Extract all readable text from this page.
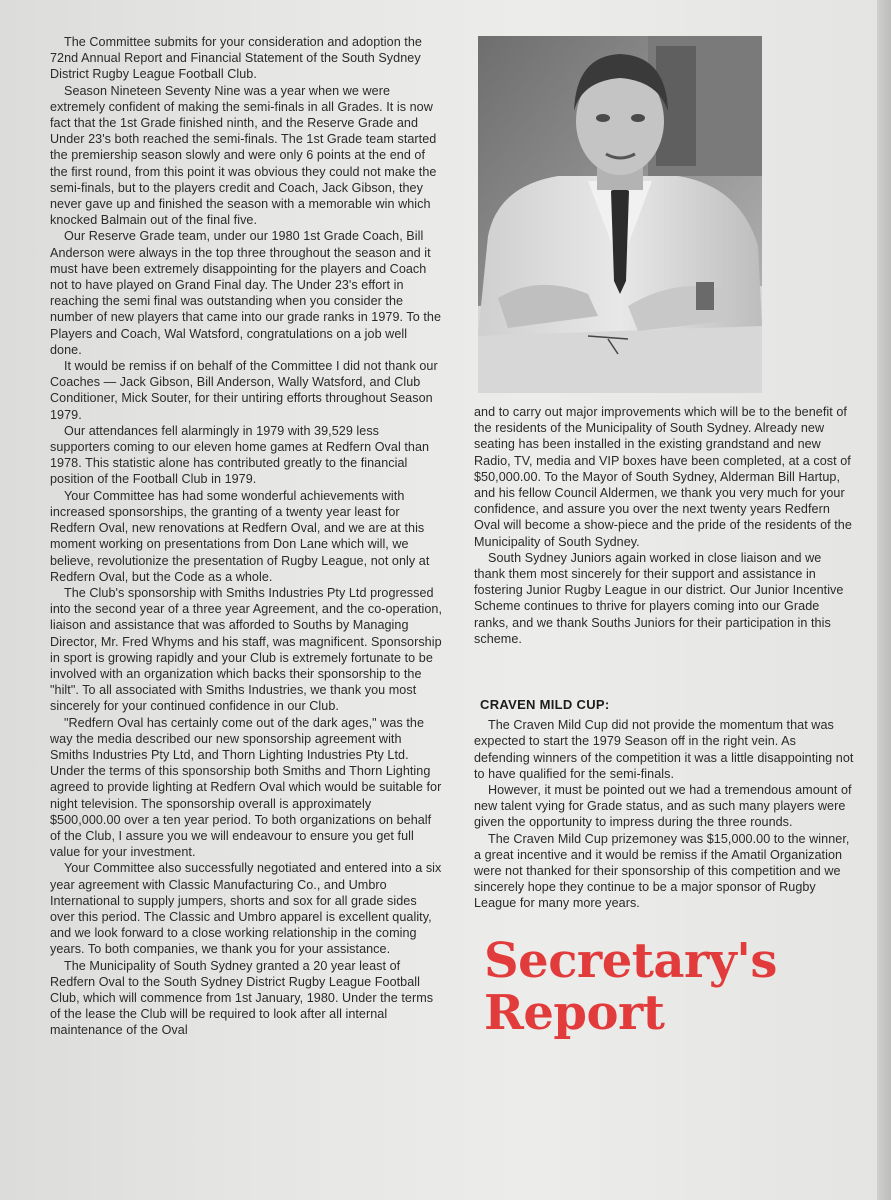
The Committee submits for your consideration and adoption the 72nd Annual Report and Financial Statement of the South Sydney District Rugby League Football Club.

Season Nineteen Seventy Nine was a year when we were extremely confident of making the semi-finals in all Grades. It is now fact that the 1st Grade finished ninth, and the Reserve Grade and Under 23's both reached the semi-finals. The 1st Grade team started the premiership season slowly and were only 6 points at the end of the first round, from this point it was obvious they could not make the semi-finals, but to the players credit and Coach, Jack Gibson, they never gave up and finished the season with a memorable win which knocked Balmain out of the final five.

Our Reserve Grade team, under our 1980 1st Grade Coach, Bill Anderson were always in the top three throughout the season and it must have been extremely disappointing for the players and Coach not to have played on Grand Final day. The Under 23's effort in reaching the semi final was outstanding when you consider the number of new players that came into our grade ranks in 1979. To the Players and Coach, Wal Watsford, congratulations on a job well done.

It would be remiss if on behalf of the Committee I did not thank our Coaches — Jack Gibson, Bill Anderson, Wally Watsford, and Club Conditioner, Mick Souter, for their untiring efforts throughout Season 1979.

Our attendances fell alarmingly in 1979 with 39,529 less supporters coming to our eleven home games at Redfern Oval than 1978. This statistic alone has contributed greatly to the financial position of the Football Club in 1979.

Your Committee has had some wonderful achievements with increased sponsorships, the granting of a twenty year least for Redfern Oval, new renovations at Redfern Oval, and we are at this moment working on presentations from Don Lane which will, we believe, revolutionize the presentation of Rugby League, not only at Redfern Oval, but the Code as a whole.

The Club's sponsorship with Smiths Industries Pty Ltd progressed into the second year of a three year Agreement, and the co-operation, liaison and assistance that was afforded to Souths by Managing Director, Mr. Fred Whyms and his staff, was magnificent. Sponsorship in sport is growing rapidly and your Club is extremely fortunate to be involved with an organization which backs their sponsorship to the "hilt". To all associated with Smiths Industries, we thank you most sincerely for your continued confidence in our Club.

"Redfern Oval has certainly come out of the dark ages," was the way the media described our new sponsorship agreement with Smiths Industries Pty Ltd, and Thorn Lighting Industries Pty Ltd. Under the terms of this sponsorship both Smiths and Thorn Lighting agreed to provide lighting at Redfern Oval which would be suitable for night television. The sponsorship overall is approximately $500,000.00 over a ten year period. To both organizations on behalf of the Club, I assure you we will endeavour to ensure you get full value for your investment.

Your Committee also successfully negotiated and entered into a six year agreement with Classic Manufacturing Co., and Umbro International to supply jumpers, shorts and sox for all grade sides over this period. The Classic and Umbro apparel is excellent quality, and we look forward to a close working relationship in the coming years. To both companies, we thank you for your assistance.

The Municipality of South Sydney granted a 20 year least of Redfern Oval to the South Sydney District Rugby League Football Club, which will commence from 1st January, 1980. Under the terms of the lease the Club will be required to look after all internal maintenance of the Oval

and to carry out major improvements which will be to the benefit of the residents of the Municipality of South Sydney. Already new seating has been installed in the existing grandstand and new Radio, TV, media and VIP boxes have been completed, at a cost of $50,000.00. To the Mayor of South Sydney, Alderman Bill Hartup, and his fellow Council Aldermen, we thank you very much for your confidence, and assure you over the next twenty years Redfern Oval will become a show-piece and the pride of the residents of the Municipality of South Sydney.

South Sydney Juniors again worked in close liaison and we thank them most sincerely for their support and assistance in fostering Junior Rugby League in our district. Our Junior Incentive Scheme continues to thrive for players coming into our Grade ranks, and we thank Souths Juniors for their participation in this scheme.

CRAVEN MILD CUP:

The Craven Mild Cup did not provide the momentum that was expected to start the 1979 Season off in the right vein. As defending winners of the competition it was a little disappointing not to have qualified for the semi-finals.

However, it must be pointed out we had a tremendous amount of new talent vying for Grade status, and as such many players were given the opportunity to impress during the three rounds.

The Craven Mild Cup prizemoney was $15,000.00 to the winner, a great incentive and it would be remiss if the Amatil Organization were not thanked for their sponsorship of this competition and we sincerely hope they continue to be a major sponsor of Rugby League for many more years.

Secretary's
Report
